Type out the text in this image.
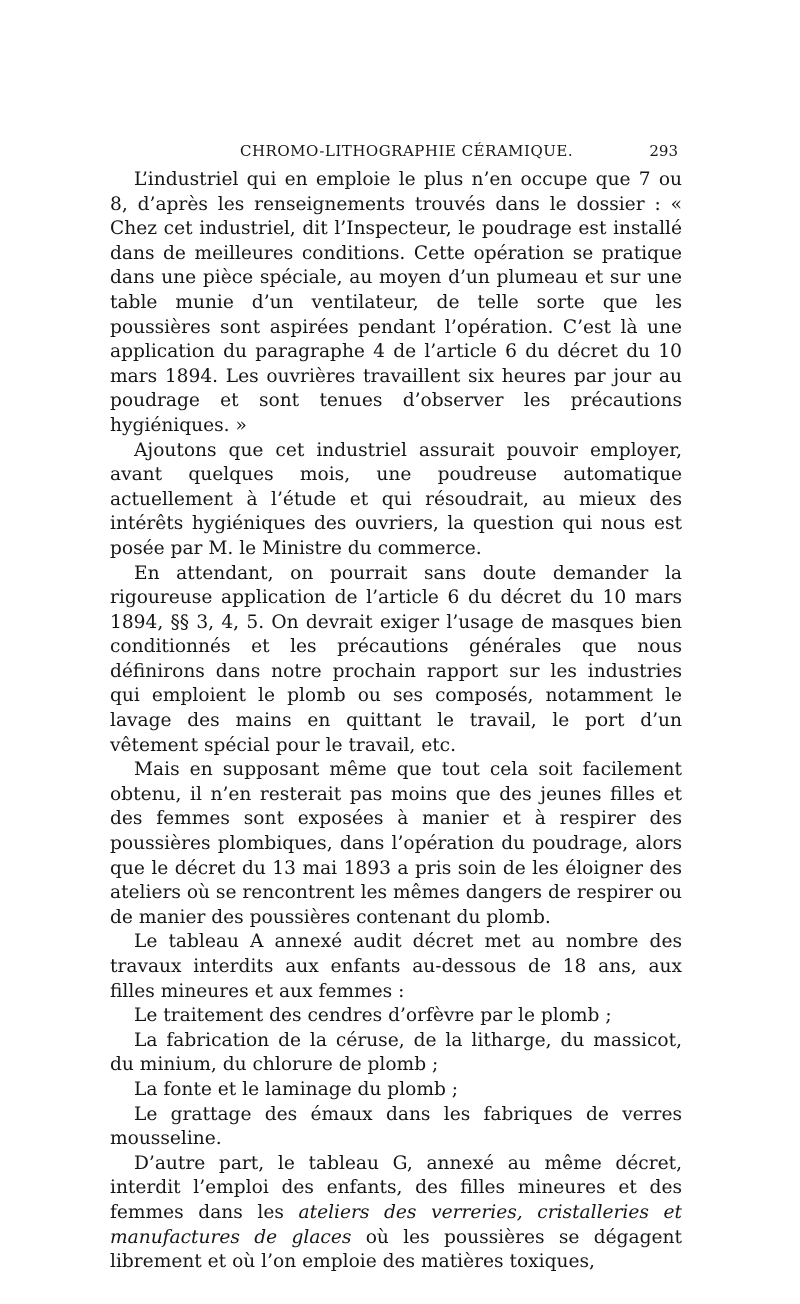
CHROMO-LITHOGRAPHIE CÉRAMIQUE.	293

L’industriel qui en emploie le plus n’en occupe que 7 ou 8, d’après les renseignements trouvés dans le dossier : « Chez cet industriel, dit l’Inspecteur, le poudrage est installé dans de meilleures conditions. Cette opération se pratique dans une pièce spéciale, au moyen d’un plumeau et sur une table munie d’un ventilateur, de telle sorte que les poussières sont aspirées pendant l’opération. C’est là une application du paragraphe 4 de l’article 6 du décret du 10 mars 1894. Les ouvrières travaillent six heures par jour au poudrage et sont tenues d’observer les précautions hygiéniques. »

Ajoutons que cet industriel assurait pouvoir employer, avant quelques mois, une poudreuse automatique actuellement à l’étude et qui résoudrait, au mieux des intérêts hygiéniques des ouvriers, la question qui nous est posée par M. le Ministre du commerce.

En attendant, on pourrait sans doute demander la rigoureuse application de l’article 6 du décret du 10 mars 1894, §§ 3, 4, 5. On devrait exiger l’usage de masques bien conditionnés et les précautions générales que nous définirons dans notre prochain rapport sur les industries qui emploient le plomb ou ses composés, notamment le lavage des mains en quittant le travail, le port d’un vêtement spécial pour le travail, etc.

Mais en supposant même que tout cela soit facilement obtenu, il n’en resterait pas moins que des jeunes filles et des femmes sont exposées à manier et à respirer des poussières plombiques, dans l’opération du poudrage, alors que le décret du 13 mai 1893 a pris soin de les éloigner des ateliers où se rencontrent les mêmes dangers de respirer ou de manier des poussières contenant du plomb.

Le tableau A annexé audit décret met au nombre des travaux interdits aux enfants au-dessous de 18 ans, aux filles mineures et aux femmes :

Le traitement des cendres d’orfèvre par le plomb ;

La fabrication de la céruse, de la litharge, du massicot, du minium, du chlorure de plomb ;

La fonte et le laminage du plomb ;

Le grattage des émaux dans les fabriques de verres mousseline.

D’autre part, le tableau G, annexé au même décret, interdit l’emploi des enfants, des filles mineures et des femmes dans les ateliers des verreries, cristalleries et manufactures de glaces où les poussières se dégagent librement et où l’on emploie des matières toxiques,
